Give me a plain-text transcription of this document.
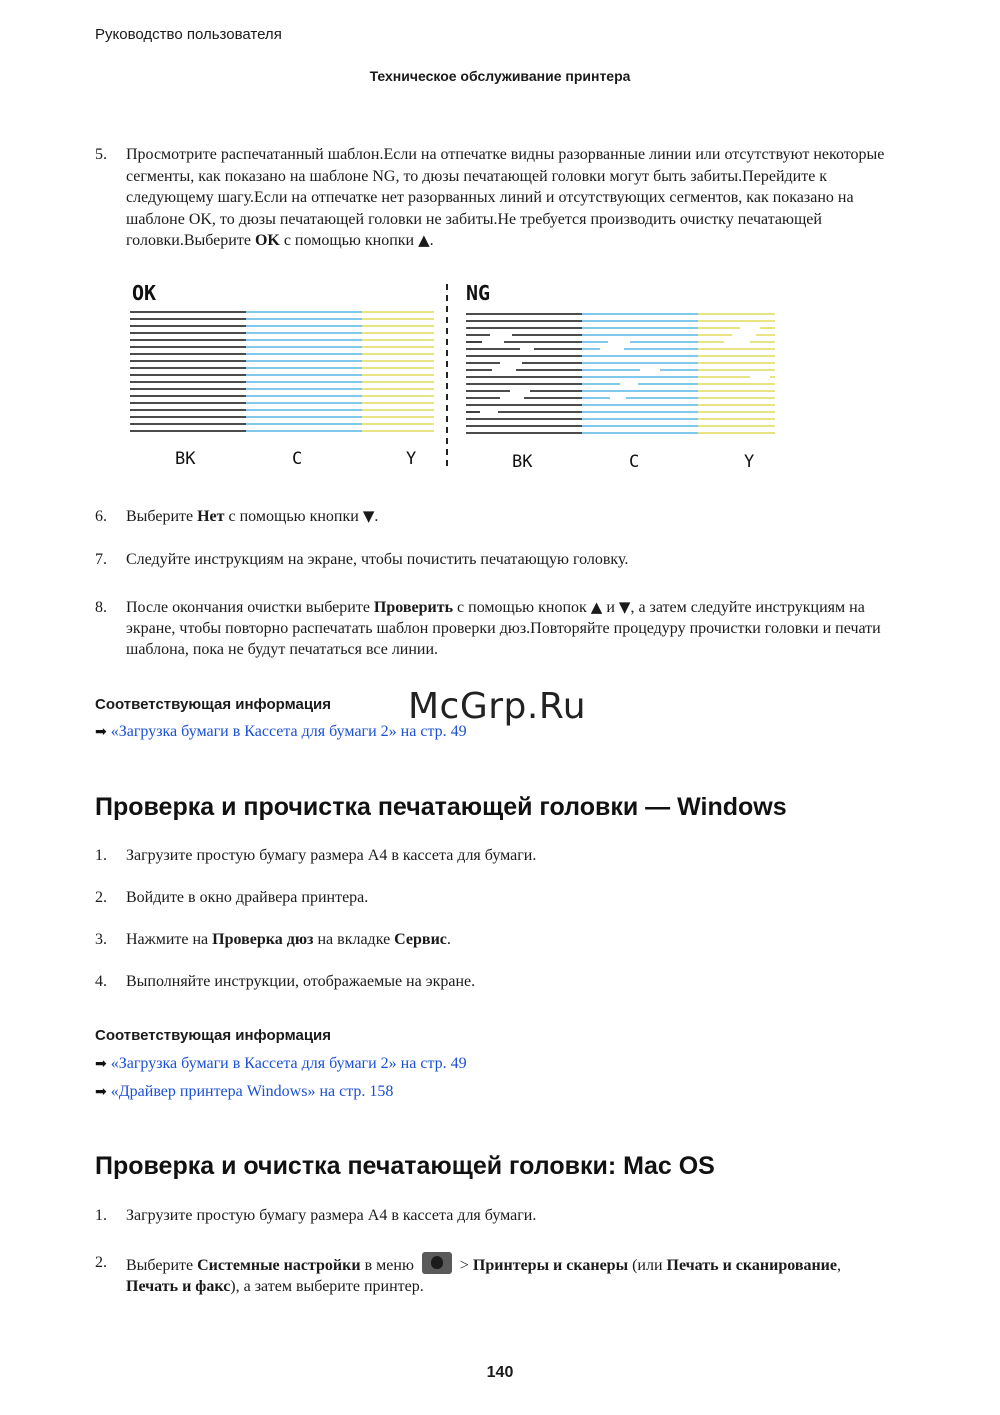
Руководство пользователя
Техническое обслуживание принтера
5. Просмотрите распечатанный шаблон.Если на отпечатке видны разорванные линии или отсутствуют некоторые сегменты, как показано на шаблоне NG, то дюзы печатающей головки могут быть забиты.Перейдите к следующему шагу.Если на отпечатке нет разорванных линий и отсутствующих сегментов, как показано на шаблоне OK, то дюзы печатающей головки не забиты.Не требуется производить очистку печатающей головки.Выберите OK с помощью кнопки ▲.
OK	NG
BK	C	Y	BK	C	Y
6. Выберите Нет с помощью кнопки ▼.
7. Следуйте инструкциям на экране, чтобы почистить печатающую головку.
8. После окончания очистки выберите Проверить с помощью кнопок ▲ и ▼, а затем следуйте инструкциям на экране, чтобы повторно распечатать шаблон проверки дюз.Повторяйте процедуру прочистки головки и печати шаблона, пока не будут печататься все линии.
Соответствующая информация
➡ «Загрузка бумаги в Кассета для бумаги 2» на стр. 49
McGrp.Ru
Проверка и прочистка печатающей головки — Windows
1. Загрузите простую бумагу размера A4 в кассета для бумаги.
2. Войдите в окно драйвера принтера.
3. Нажмите на Проверка дюз на вкладке Сервис.
4. Выполняйте инструкции, отображаемые на экране.
Соответствующая информация
➡ «Загрузка бумаги в Кассета для бумаги 2» на стр. 49
➡ «Драйвер принтера Windows» на стр. 158
Проверка и очистка печатающей головки: Mac OS
1. Загрузите простую бумагу размера A4 в кассета для бумаги.
2. Выберите Системные настройки в меню  > Принтеры и сканеры (или Печать и сканирование, Печать и факс), а затем выберите принтер.
140
